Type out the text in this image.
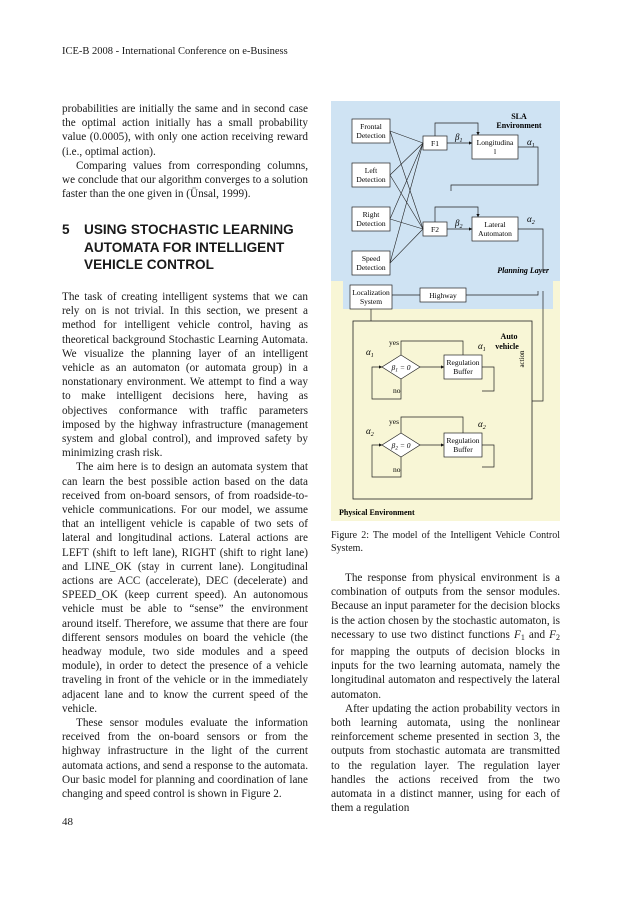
ICE-B 2008 - International Conference on e-Business

probabilities are initially the same and in second case the optimal action initially has a small probability value (0.0005), with only one action receiving reward (i.e., optimal action).

Comparing values from corresponding columns, we conclude that our algorithm converges to a solution faster than the one given in (Ünsal, 1999).

5	USING STOCHASTIC LEARNING AUTOMATA FOR INTELLIGENT VEHICLE CONTROL

The task of creating intelligent systems that we can rely on is not trivial. In this section, we present a method for intelligent vehicle control, having as theoretical background Stochastic Learning Automata. We visualize the planning layer of an intelligent vehicle as an automaton (or automata group) in a nonstationary environment. We attempt to find a way to make intelligent decisions here, having as objectives conformance with traffic parameters imposed by the highway infrastructure (management system and global control), and improved safety by minimizing crash risk.

The aim here is to design an automata system that can learn the best possible action based on the data received from on-board sensors, of from roadside-to-vehicle communications. For our model, we assume that an intelligent vehicle is capable of two sets of lateral and longitudinal actions. Lateral actions are LEFT (shift to left lane), RIGHT (shift to right lane) and LINE_OK (stay in current lane). Longitudinal actions are ACC (accelerate), DEC (decelerate) and SPEED_OK (keep current speed). An autonomous vehicle must be able to “sense” the environment around itself. Therefore, we assume that there are four different sensors modules on board the vehicle (the headway module, two side modules and a speed module), in order to detect the presence of a vehicle traveling in front of the vehicle or in the immediately adjacent lane and to know the current speed of the vehicle.

These sensor modules evaluate the information received from the on-board sensors or from the highway infrastructure in the light of the current automata actions, and send a response to the automata. Our basic model for planning and coordination of lane changing and speed control is shown in Figure 2.

Frontal
Detection
Left
Detection
Right
Detection
Speed
Detection
F1
F2
Longitudina
l
Lateral
Automaton
$\beta_1$
$\beta_2$
SLA
Environment
$\alpha_1$
$\alpha_2$
Planning Layer
Localization
System
Highway
Auto
vehicle
$\alpha_1$
action
$\beta_1 = 0$
yes
$\alpha_1$
no
Regulation
Buffer
$\beta_2 = 0$
yes
$\alpha_2$
no
$\alpha_2$
Regulation
Buffer
Physical Environment
Figure 2: The model of the Intelligent Vehicle Control System.

The response from physical environment is a combination of outputs from the sensor modules. Because an input parameter for the decision blocks is the action chosen by the stochastic automaton, is necessary to use two distinct functions $F_1$ and $F_2$ for mapping the outputs of decision blocks in inputs for the two learning automata, namely the longitudinal automaton and respectively the lateral automaton.

After updating the action probability vectors in both learning automata, using the nonlinear reinforcement scheme presented in section 3, the outputs from stochastic automata are transmitted to the regulation layer. The regulation layer handles the actions received from the two automata in a distinct manner, using for each of them a regulation

48
